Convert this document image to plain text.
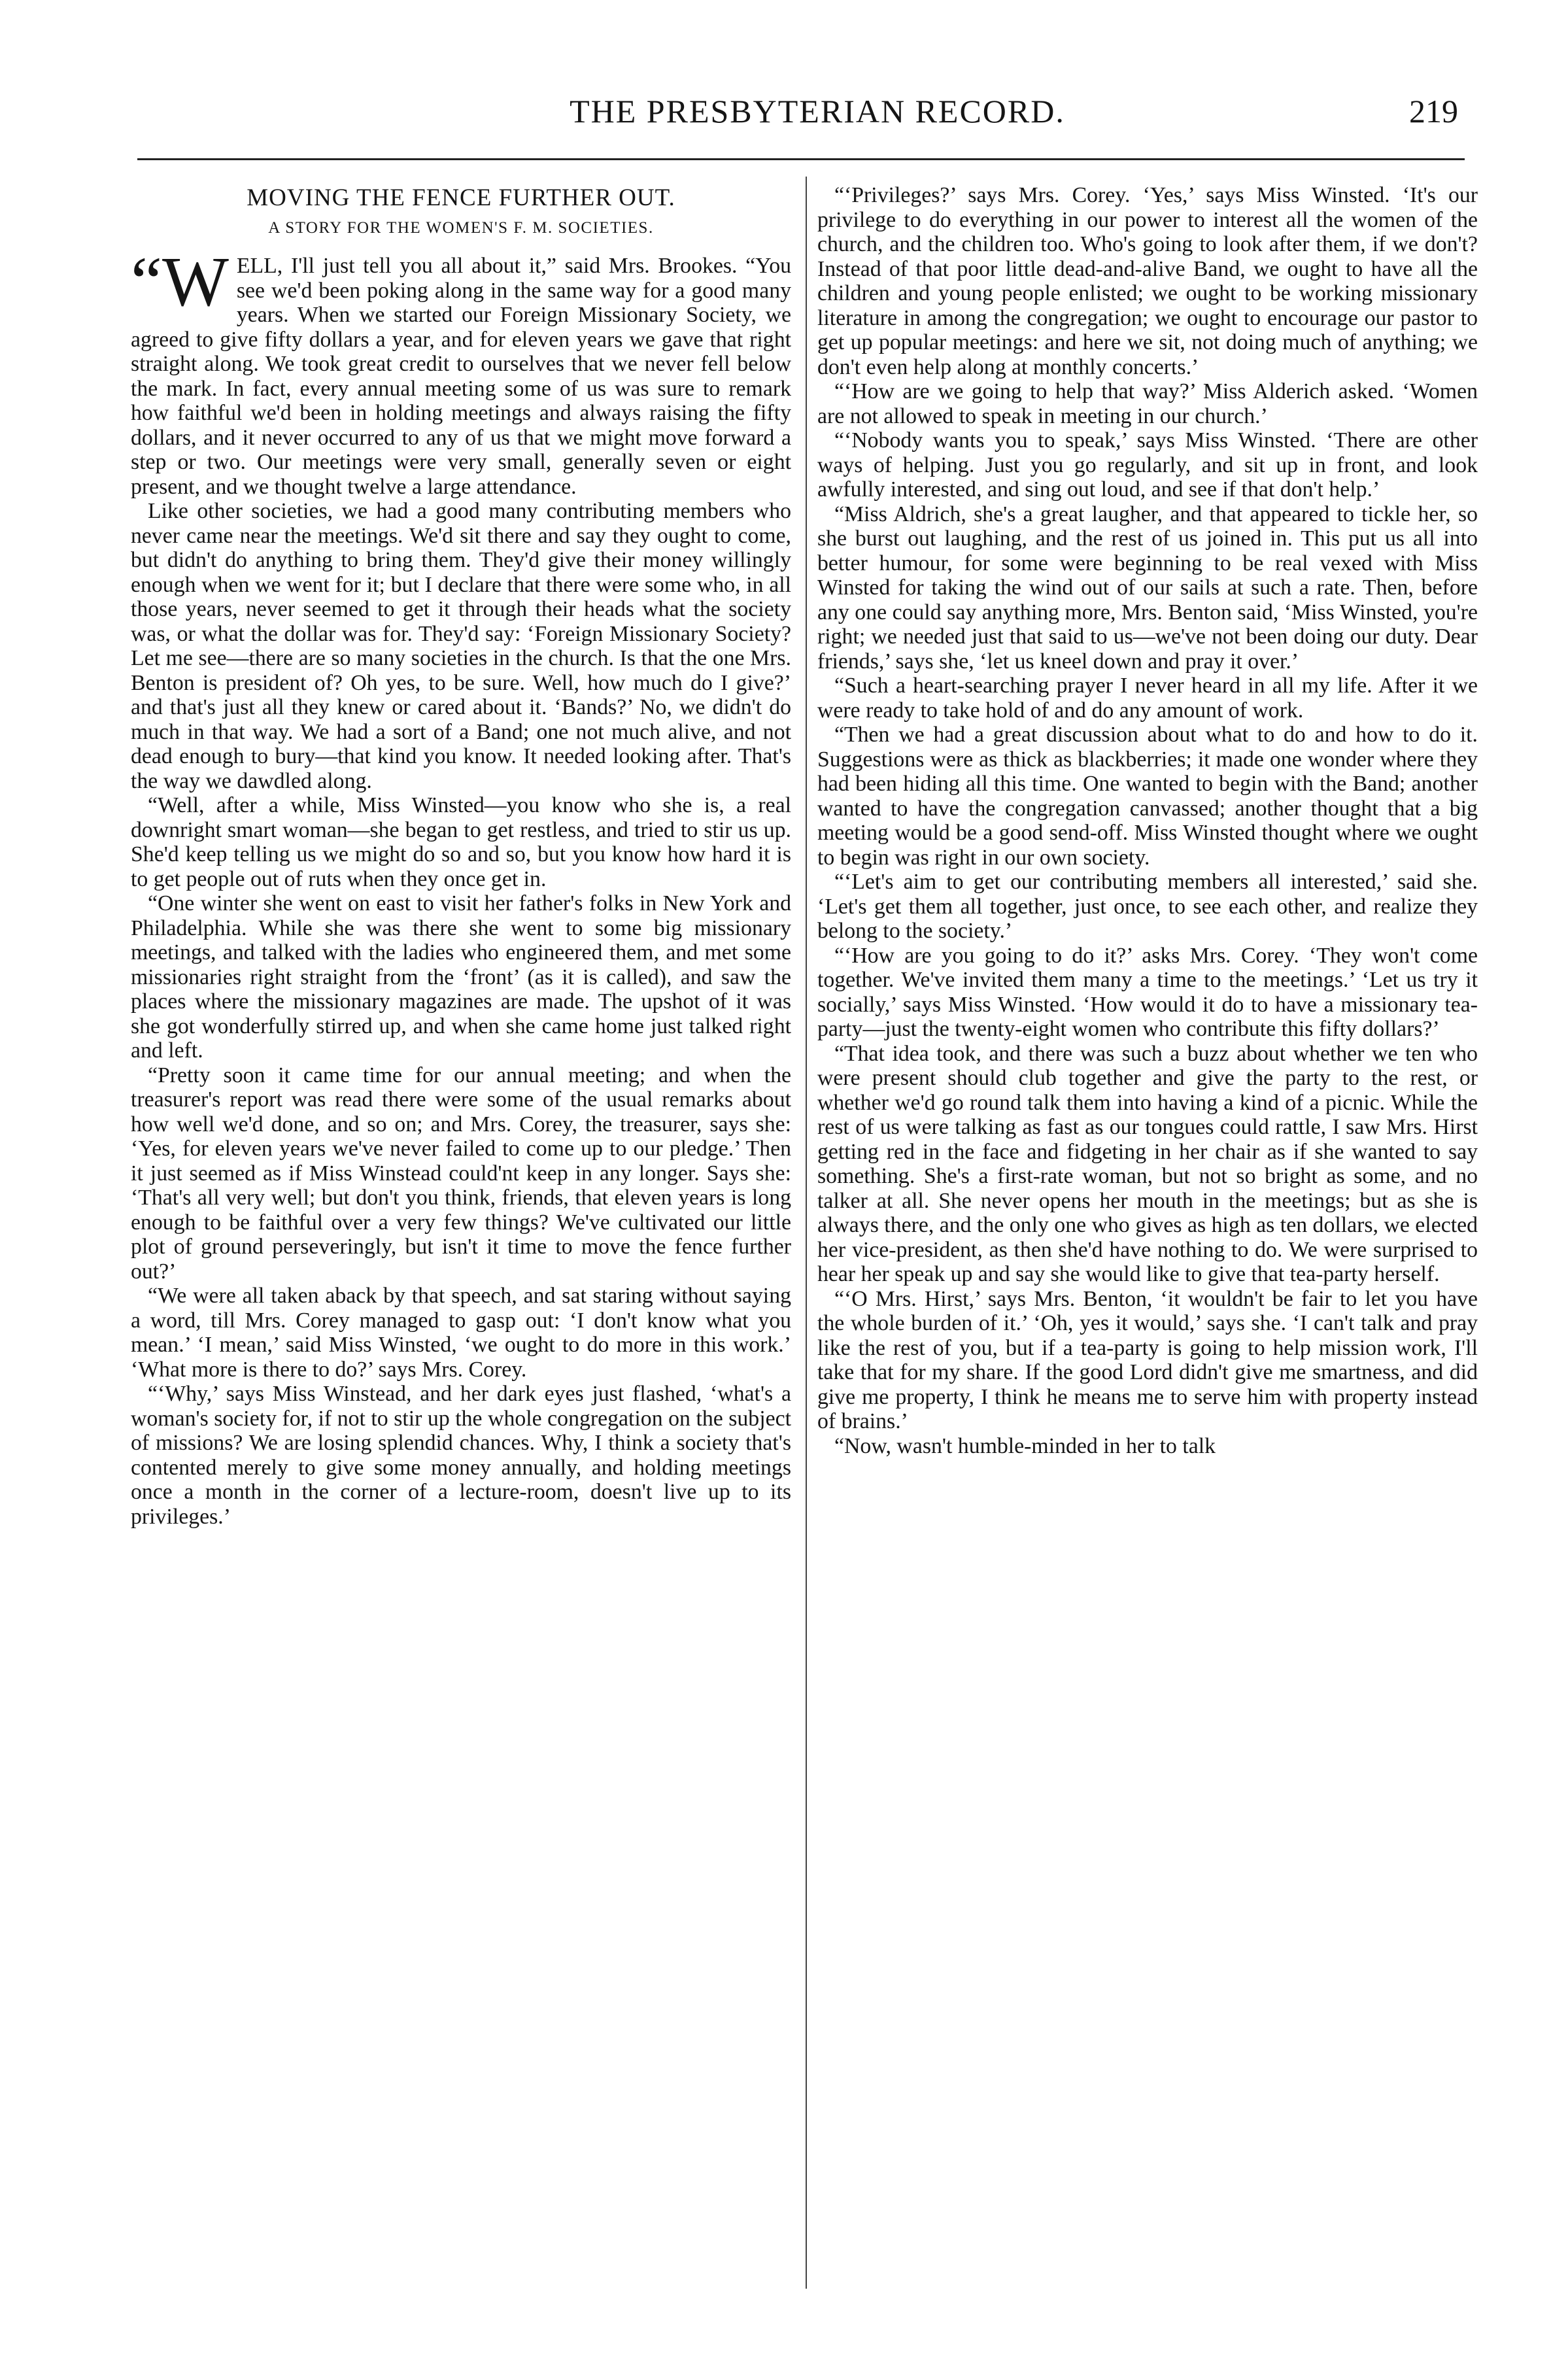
THE PRESBYTERIAN RECORD.	219
MOVING THE FENCE FURTHER OUT.
A STORY FOR THE WOMEN'S F. M. SOCIETIES.

“W ELL, I'll just tell you all about it,” said Mrs. Brookes. “You see we'd been poking along in the same way for a good many years. When we started our Foreign Missionary Society, we agreed to give fifty dollars a year, and for eleven years we gave that right straight along. We took great credit to ourselves that we never fell below the mark. In fact, every annual meeting some of us was sure to remark how faithful we'd been in holding meetings and always raising the fifty dollars, and it never occurred to any of us that we might move forward a step or two. Our meetings were very small, generally seven or eight present, and we thought twelve a large attendance.

Like other societies, we had a good many contributing members who never came near the meetings. We'd sit there and say they ought to come, but didn't do anything to bring them. They'd give their money willingly enough when we went for it; but I declare that there were some who, in all those years, never seemed to get it through their heads what the society was, or what the dollar was for. They'd say: ‘Foreign Missionary Society? Let me see—there are so many societies in the church. Is that the one Mrs. Benton is president of? Oh yes, to be sure. Well, how much do I give?’ and that's just all they knew or cared about it. ‘Bands?’ No, we didn't do much in that way. We had a sort of a Band; one not much alive, and not dead enough to bury—that kind you know. It needed looking after. That's the way we dawdled along.

“Well, after a while, Miss Winsted—you know who she is, a real downright smart woman—she began to get restless, and tried to stir us up. She'd keep telling us we might do so and so, but you know how hard it is to get people out of ruts when they once get in.

“One winter she went on east to visit her father's folks in New York and Philadelphia. While she was there she went to some big missionary meetings, and talked with the ladies who engineered them, and met some missionaries right straight from the ‘front’ (as it is called), and saw the places where the missionary magazines are made. The upshot of it was she got wonderfully stirred up, and when she came home just talked right and left.

“Pretty soon it came time for our annual meeting; and when the treasurer's report was read there were some of the usual remarks about how well we'd done, and so on; and Mrs. Corey, the treasurer, says she: ‘Yes, for eleven years we've never failed to come up to our pledge.’ Then it just seemed as if Miss Winstead could'nt keep in any longer. Says she: ‘That's all very well; but don't you think, friends, that eleven years is long enough to be faithful over a very few things? We've cultivated our little plot of ground perseveringly, but isn't it time to move the fence further out?’

“We were all taken aback by that speech, and sat staring without saying a word, till Mrs. Corey managed to gasp out: ‘I don't know what you mean.’ ‘I mean,’ said Miss Winsted, ‘we ought to do more in this work.’ ‘What more is there to do?’ says Mrs. Corey.

“‘Why,’ says Miss Winstead, and her dark eyes just flashed, ‘what's a woman's society for, if not to stir up the whole congregation on the subject of missions? We are losing splendid chances. Why, I think a society that's contented merely to give some money annually, and holding meetings once a month in the corner of a lecture-room, doesn't live up to its privileges.’

“‘Privileges?’ says Mrs. Corey. ‘Yes,’ says Miss Winsted. ‘It's our privilege to do everything in our power to interest all the women of the church, and the children too. Who's going to look after them, if we don't? Instead of that poor little dead-and-alive Band, we ought to have all the children and young people enlisted; we ought to be working missionary literature in among the congregation; we ought to encourage our pastor to get up popular meetings: and here we sit, not doing much of anything; we don't even help along at monthly concerts.’

“‘How are we going to help that way?’ Miss Alderich asked. ‘Women are not allowed to speak in meeting in our church.’

“‘Nobody wants you to speak,’ says Miss Winsted. ‘There are other ways of helping. Just you go regularly, and sit up in front, and look awfully interested, and sing out loud, and see if that don't help.’

“Miss Aldrich, she's a great laugher, and that appeared to tickle her, so she burst out laughing, and the rest of us joined in. This put us all into better humour, for some were beginning to be real vexed with Miss Winsted for taking the wind out of our sails at such a rate. Then, before any one could say anything more, Mrs. Benton said, ‘Miss Winsted, you're right; we needed just that said to us—we've not been doing our duty. Dear friends,’ says she, ‘let us kneel down and pray it over.’

“Such a heart-searching prayer I never heard in all my life. After it we were ready to take hold of and do any amount of work.

“Then we had a great discussion about what to do and how to do it. Suggestions were as thick as blackberries; it made one wonder where they had been hiding all this time. One wanted to begin with the Band; another wanted to have the congregation canvassed; another thought that a big meeting would be a good send-off. Miss Winsted thought where we ought to begin was right in our own society.

“‘Let's aim to get our contributing members all interested,’ said she. ‘Let's get them all together, just once, to see each other, and realize they belong to the society.’

“‘How are you going to do it?’ asks Mrs. Corey. ‘They won't come together. We've invited them many a time to the meetings.’ ‘Let us try it socially,’ says Miss Winsted. ‘How would it do to have a missionary tea-party—just the twenty-eight women who contribute this fifty dollars?’

“That idea took, and there was such a buzz about whether we ten who were present should club together and give the party to the rest, or whether we'd go round talk them into having a kind of a picnic. While the rest of us were talking as fast as our tongues could rattle, I saw Mrs. Hirst getting red in the face and fidgeting in her chair as if she wanted to say something. She's a first-rate woman, but not so bright as some, and no talker at all. She never opens her mouth in the meetings; but as she is always there, and the only one who gives as high as ten dollars, we elected her vice-president, as then she'd have nothing to do. We were surprised to hear her speak up and say she would like to give that tea-party herself.

“‘O Mrs. Hirst,’ says Mrs. Benton, ‘it wouldn't be fair to let you have the whole burden of it.’ ‘Oh, yes it would,’ says she. ‘I can't talk and pray like the rest of you, but if a tea-party is going to help mission work, I'll take that for my share. If the good Lord didn't give me smartness, and did give me property, I think he means me to serve him with property instead of brains.’

“Now, wasn't humble-minded in her to talk
